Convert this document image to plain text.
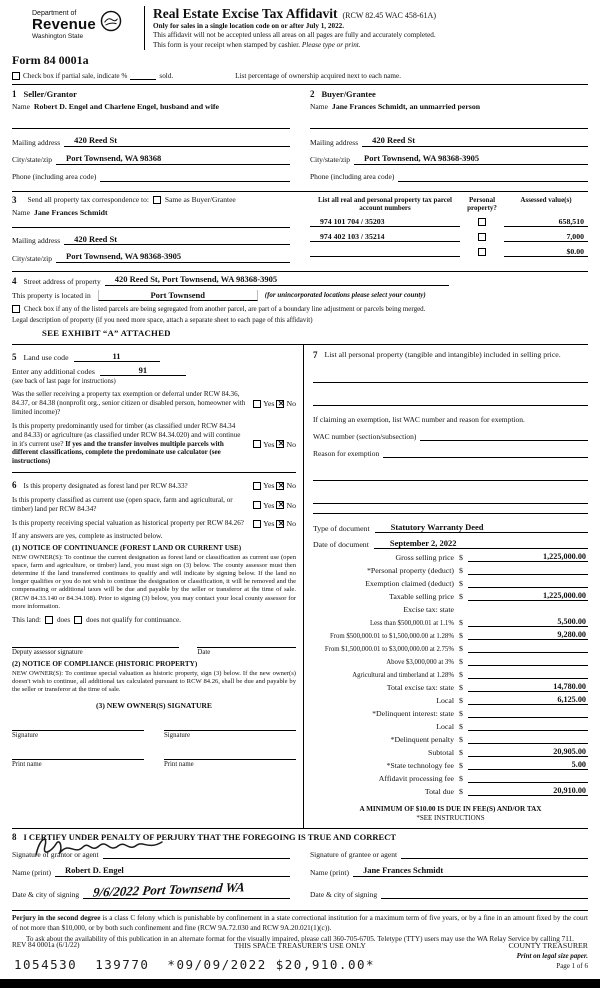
Department of
Revenue
Washington State
Real Estate Excise Tax Affidavit (RCW 82.45 WAC 458-61A)
Only for sales in a single location code on or after July 1, 2022.
This affidavit will not be accepted unless all areas on all pages are fully and accurately completed.
This form is your receipt when stamped by cashier. Please type or print.
Form 84 0001a
Check box if partial sale, indicate %	sold.	List percentage of ownership acquired next to each name.
1 Seller/Grantor
Name Robert D. Engel and Charlene Engel, husband and wife
Mailing address	420 Reed St
City/state/zip	Port Townsend, WA 98368
Phone (including area code)
2 Buyer/Grantee
Name Jane Frances Schmidt, an unmarried person
Mailing address	420 Reed St
City/state/zip	Port Townsend, WA 98368-3905
Phone (including area code)
3 Send all property tax correspondence to: Same as Buyer/Grantee
Name Jane Frances Schmidt
Mailing address	420 Reed St
City/state/zip	Port Townsend, WA 98368-3905
List all real and personal property tax parcel account numbers
Personal property?
Assessed value(s)
974 101 704 / 35203	658,510
974 402 103 / 35214	7,000
$0.00
4 Street address of property	420 Reed St, Port Townsend, WA 98368-3905
This property is located in	Port Townsend	(for unincorporated locations please select your county)
Check box if any of the listed parcels are being segregated from another parcel, are part of a boundary line adjustment or parcels being merged.
Legal description of property (if you need more space, attach a separate sheet to each page of this affidavit)
SEE EXHIBIT “A” ATTACHED
5 Land use code	11
Enter any additional codes	91
(see back of last page for instructions)
Was the seller receiving a property tax exemption or deferral under RCW 84.36, 84.37, or 84.38 (nonprofit org., senior citizen or disabled person, homeowner with limited income)?
Yes ✕ No
Is this property predominantly used for timber (as classified under RCW 84.34 and 84.33) or agriculture (as classified under RCW 84.34.020) and will continue in it's current use? If yes and the transfer involves multiple parcels with different classifications, complete the predominate use calculator (see instructions)
Yes ✕ No
6 Is this property designated as forest land per RCW 84.33?	Yes ✕ No
Is this property classified as current use (open space, farm and agricultural, or timber) land per RCW 84.34?	Yes ✕ No
Is this property receiving special valuation as historical property per RCW 84.26?	Yes ✕ No
If any answers are yes, complete as instructed below.
(1) NOTICE OF CONTINUANCE (FOREST LAND OR CURRENT USE)
NEW OWNER(S): To continue the current designation as forest land or classification as current use (open space, farm and agriculture, or timber) land, you must sign on (3) below. The county assessor must then determine if the land transferred continues to qualify and will indicate by signing below. If the land no longer qualifies or you do not wish to continue the designation or classification, it will be removed and the compensating or additional taxes will be due and payable by the seller or transferor at the time of sale. (RCW 84.33.140 or 84.34.108). Prior to signing (3) below, you may contact your local county assessor for more information.
This land: does does not qualify for continuance.
Deputy assessor signature	Date
(2) NOTICE OF COMPLIANCE (HISTORIC PROPERTY)
NEW OWNER(S): To continue special valuation as historic property, sign (3) below. If the new owner(s) doesn't wish to continue, all additional tax calculated pursuant to RCW 84.26, shall be due and payable by the seller or transferor at the time of sale.
(3) NEW OWNER(S) SIGNATURE
Signature	Signature
Print name	Print name
7 List all personal property (tangible and intangible) included in selling price.
If claiming an exemption, list WAC number and reason for exemption.
WAC number (section/subsection)
Reason for exemption
Type of document	Statutory Warranty Deed
Date of document	September 2, 2022
Gross selling price $	1,225,000.00
*Personal property (deduct) $
Exemption claimed (deduct) $
Taxable selling price $	1,225,000.00
Excise tax: state
Less than $500,000.01 at 1.1% $	5,500.00
From $500,000.01 to $1,500,000.00 at 1.28% $	9,280.00
From $1,500,000.01 to $3,000,000.00 at 2.75% $
Above $3,000,000 at 3% $
Agricultural and timberland at 1.28% $
Total excise tax: state $	14,780.00
Local $	6,125.00
*Delinquent interest: state $
Local $
*Delinquent penalty $
Subtotal $	20,905.00
*State technology fee $	5.00
Affidavit processing fee $
Total due $	20,910.00
A MINIMUM OF $10.00 IS DUE IN FEE(S) AND/OR TAX
*SEE INSTRUCTIONS
8 I CERTIFY UNDER PENALTY OF PERJURY THAT THE FOREGOING IS TRUE AND CORRECT
Signature of grantor or agent	Signature of grantee or agent
Name (print)	Robert D. Engel	Name (print)	Jane Frances Schmidt
Date & city of signing	9/6/2022 Port Townsend WA	Date & city of signing
Perjury in the second degree is a class C felony which is punishable by confinement in a state correctional institution for a maximum term of five years, or by a fine in an amount fixed by the court of not more than $10,000, or by both such confinement and fine (RCW 9A.72.030 and RCW 9A.20.021(1)(c)).
To ask about the availability of this publication in an alternate format for the visually impaired, please call 360-705-6705. Teletype (TTY) users may use the WA Relay Service by calling 711.
REV 84 0001a (6/1/22)	THIS SPACE TREASURER'S USE ONLY	COUNTY TREASURER
Print on legal size paper.
Page 1 of 6
1054530  139770  *09/09/2022 $20,910.00*
